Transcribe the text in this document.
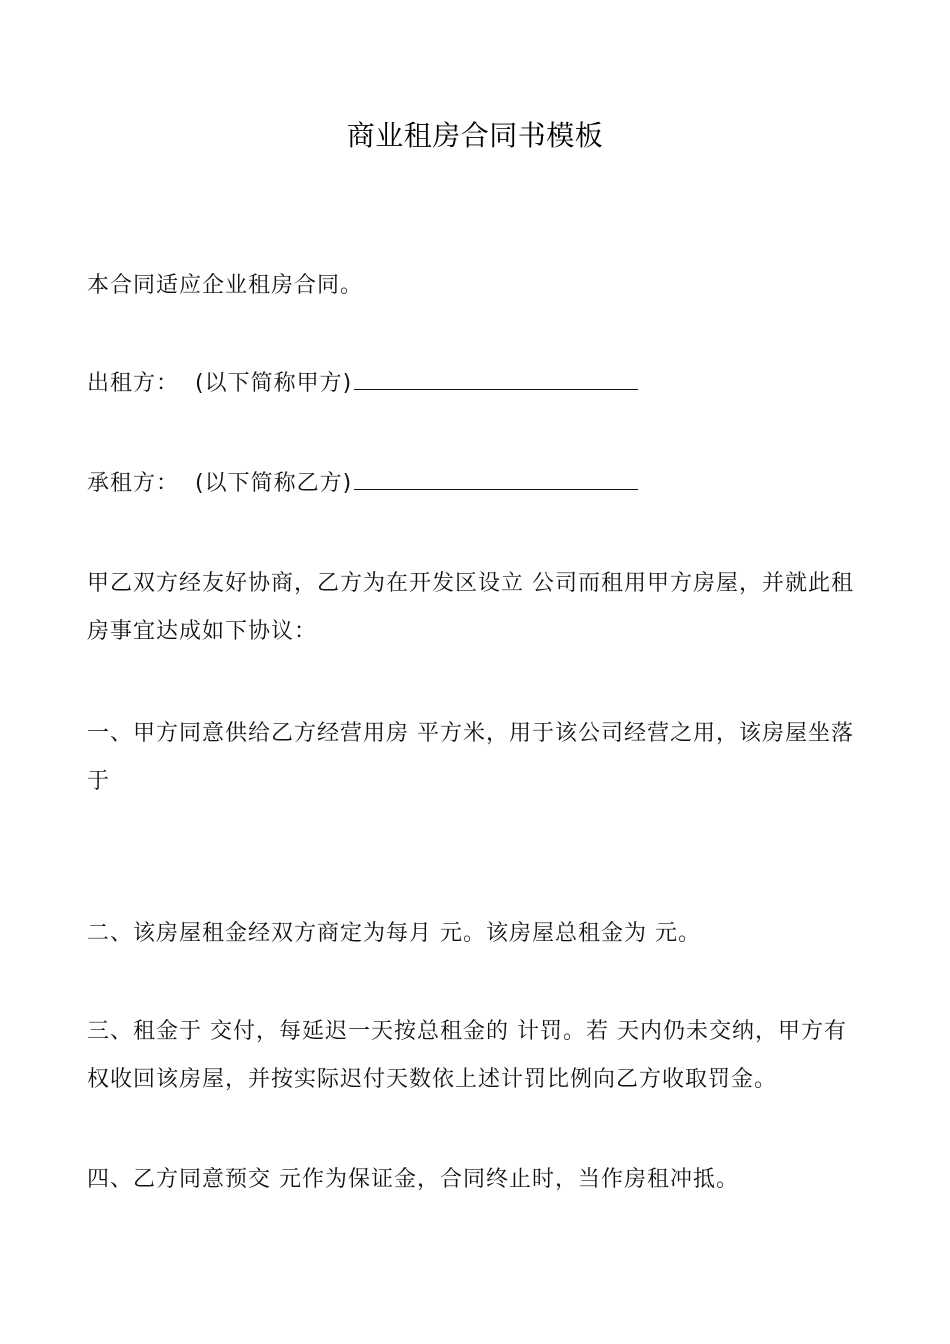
商业租房合同书模板
本合同适应企业租房合同。
出租方： (以下简称甲方)
承租方： (以下简称乙方)
甲乙双方经友好协商，乙方为在开发区设立 公司而租用甲方房屋，并就此租房事宜达成如下协议：
一、甲方同意供给乙方经营用房 平方米，用于该公司经营之用，该房屋坐落于
二、该房屋租金经双方商定为每月 元。该房屋总租金为 元。
三、租金于 交付，每延迟一天按总租金的 计罚。若 天内仍未交纳，甲方有权收回该房屋，并按实际迟付天数依上述计罚比例向乙方收取罚金。
四、乙方同意预交 元作为保证金，合同终止时，当作房租冲抵。
